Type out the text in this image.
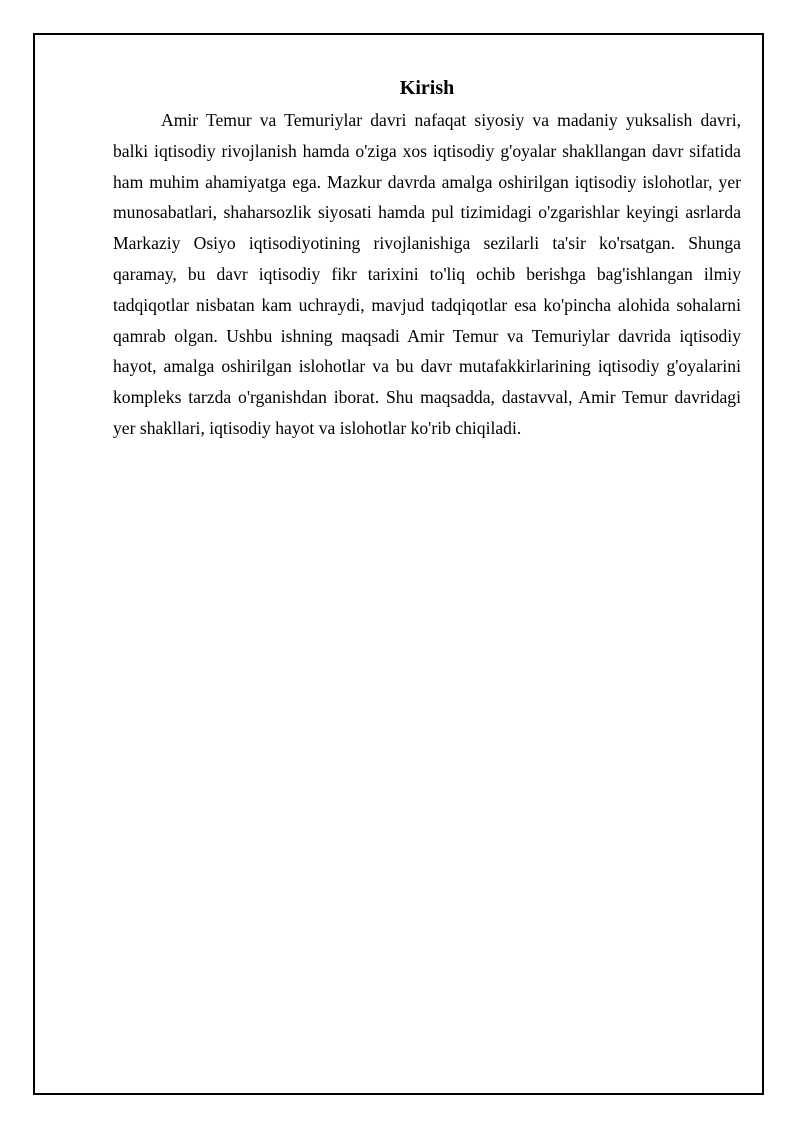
Kirish

Amir Temur va Temuriylar davri nafaqat siyosiy va madaniy yuksalish davri, balki iqtisodiy rivojlanish hamda o'ziga xos iqtisodiy g'oyalar shakllangan davr sifatida ham muhim ahamiyatga ega. Mazkur davrda amalga oshirilgan iqtisodiy islohotlar, yer munosabatlari, shaharsozlik siyosati hamda pul tizimidagi o'zgarishlar keyingi asrlarda Markaziy Osiyo iqtisodiyotining rivojlanishiga sezilarli ta'sir ko'rsatgan. Shunga qaramay, bu davr iqtisodiy fikr tarixini to'liq ochib berishga bag'ishlangan ilmiy tadqiqotlar nisbatan kam uchraydi, mavjud tadqiqotlar esa ko'pincha alohida sohalarni qamrab olgan. Ushbu ishning maqsadi Amir Temur va Temuriylar davrida iqtisodiy hayot, amalga oshirilgan islohotlar va bu davr mutafakkirlarining iqtisodiy g'oyalarini kompleks tarzda o'rganishdan iborat. Shu maqsadda, dastavval, Amir Temur davridagi yer shakllari, iqtisodiy hayot va islohotlar ko'rib chiqiladi.
